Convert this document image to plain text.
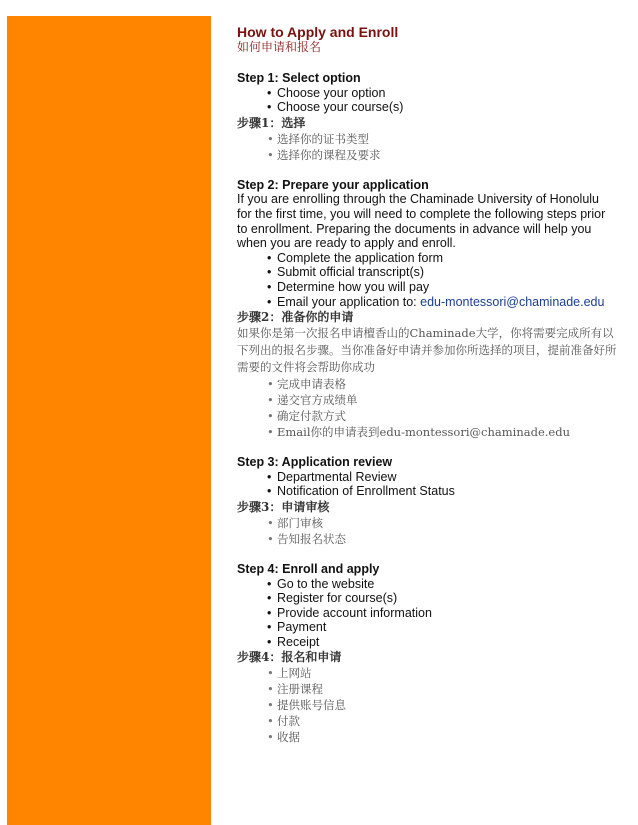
How to Apply and Enroll
如何申请和报名
Step 1: Select option
• Choose your option
• Choose your course(s)
步骤1：选择
• 选择你的证书类型
• 选择你的课程及要求
Step 2: Prepare your application

If you are enrolling through the Chaminade University of Honolulu for the first time, you will need to complete the following steps prior to enrollment. Preparing the documents in advance will help you when you are ready to apply and enroll.

• Complete the application form
• Submit official transcript(s)
• Determine how you will pay
• Email your application to: edu-montessori@chaminade.edu
步骤2：准备你的申请

如果你是第一次报名申请檀香山的Chaminade大学，你将需要完成所有以下列出的报名步骤。当你准备好申请并参加你所选择的项目，提前准备好所需要的文件将会帮助你成功

• 完成申请表格
• 递交官方成绩单
• 确定付款方式
• Email你的申请表到edu-montessori@chaminade.edu
Step 3: Application review
• Departmental Review
• Notification of Enrollment Status
步骤3：申请审核
• 部门审核
• 告知报名状态
Step 4: Enroll and apply
• Go to the website
• Register for course(s)
• Provide account information
• Payment
• Receipt
步骤4：报名和申请
• 上网站
• 注册课程
• 提供账号信息
• 付款
• 收据
